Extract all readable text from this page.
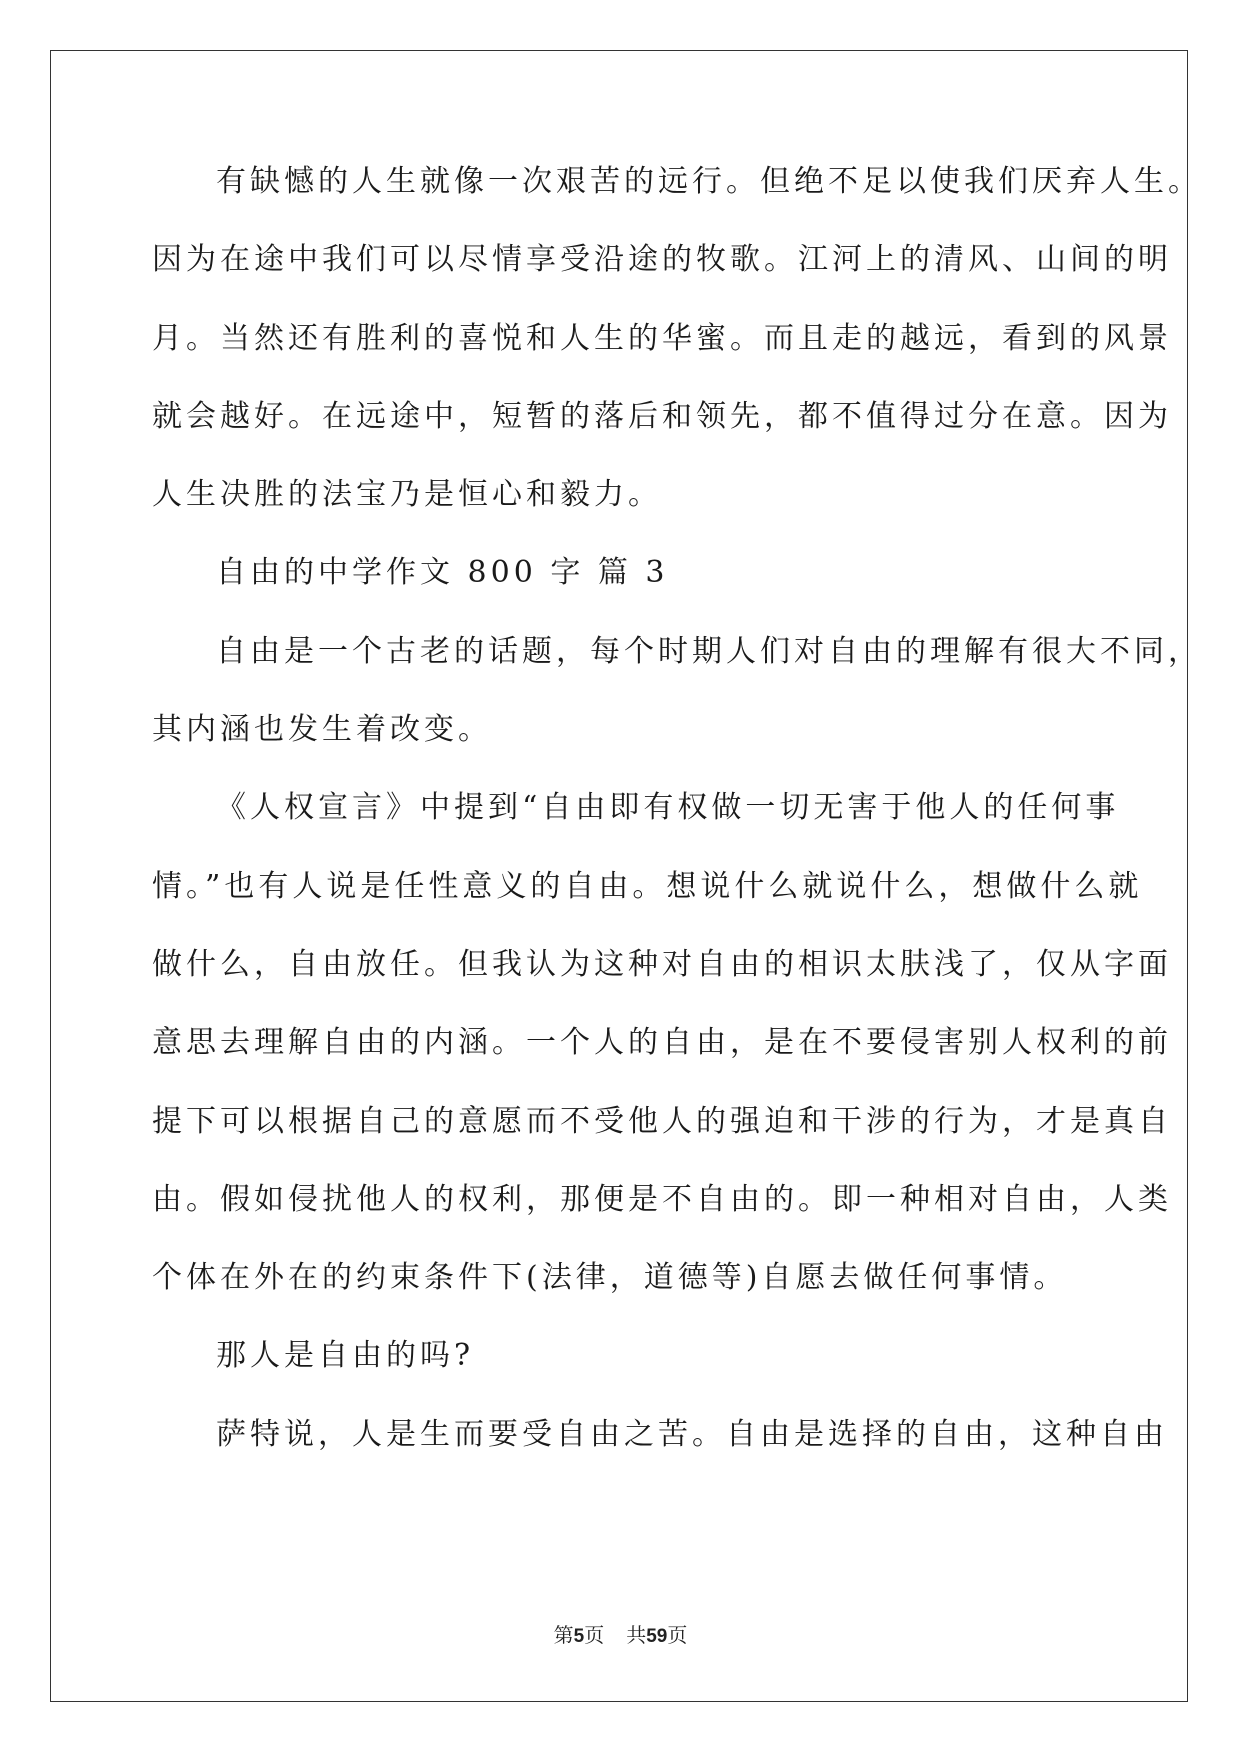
有缺憾的人生就像一次艰苦的远行。但绝不足以使我们厌弃人生。
因为在途中我们可以尽情享受沿途的牧歌。江河上的清风、山间的明
月。当然还有胜利的喜悦和人生的华蜜。而且走的越远，看到的风景
就会越好。在远途中，短暂的落后和领先，都不值得过分在意。因为
人生决胜的法宝乃是恒心和毅力。
自由的中学作文 800 字 篇 3
自由是一个古老的话题，每个时期人们对自由的理解有很大不同，
其内涵也发生着改变。
《人权宣言》中提到“自由即有权做一切无害于他人的任何事
情。”也有人说是任性意义的自由。想说什么就说什么，想做什么就
做什么，自由放任。但我认为这种对自由的相识太肤浅了，仅从字面
意思去理解自由的内涵。一个人的自由，是在不要侵害别人权利的前
提下可以根据自己的意愿而不受他人的强迫和干涉的行为，才是真自
由。假如侵扰他人的权利，那便是不自由的。即一种相对自由，人类
个体在外在的约束条件下(法律，道德等)自愿去做任何事情。
那人是自由的吗?
萨特说，人是生而要受自由之苦。自由是选择的自由，这种自由
第5页 共59页
